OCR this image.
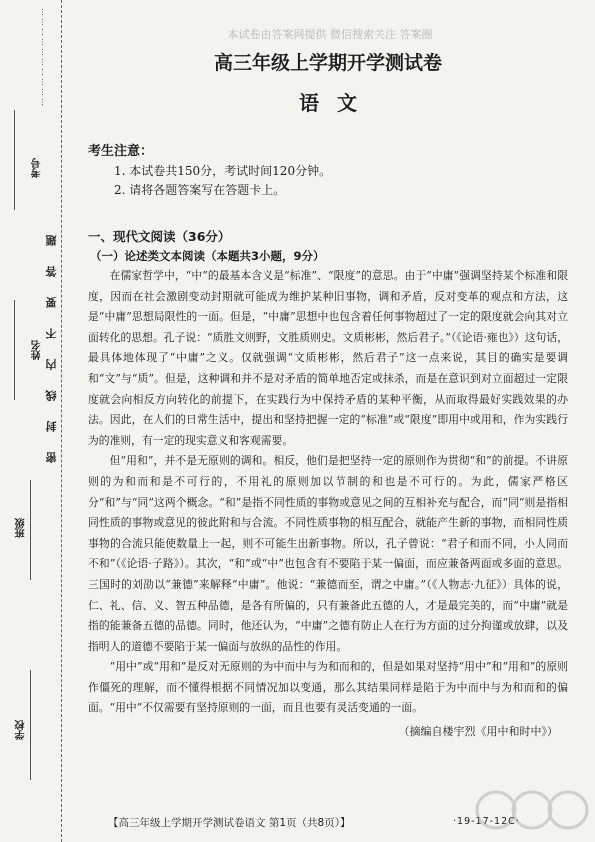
…………………………
考号
姓名
班级
学校
密封线内不要答题
本试卷由答案网提供 微信搜索关注 答案圈
高三年级上学期开学测试卷
语文
考生注意：
1. 本试卷共150分，考试时间120分钟。
2. 请将各题答案写在答题卡上。
一、现代文阅读（36分）
（一）论述类文本阅读（本题共3小题，9分）

在儒家哲学中，“中”的最基本含义是“标准”、“限度”的意思。由于“中庸”强调坚持某个标准和限度，因而在社会激剧变动封期就可能成为维护某种旧事物，调和矛盾，反对变革的观点和方法，这是“中庸”思想局限性的一面。但是，“中庸”思想中也包含着任何事物超过了一定的限度就会向其对立面转化的思想。孔子说：“质胜文则野，文胜质则史。文质彬彬，然后君子。”（《论语·雍也》）这句话，最具体地体现了“中庸”之义。仅就强调“文质彬彬，然后君子”这一点来说，其目的确实是要调和“文”与“质”。但是，这种调和并不是对矛盾的简单地否定或抹杀，而是在意识到对立面超过一定限度就会向相反方向转化的前提下，在实践行为中保持矛盾的某种平衡，从而取得最好实践效果的办法。因此，在人们的日常生活中，提出和坚持把握一定的“标准”或“限度”即用中或用和，作为实践行为的准则，有一定的现实意义和客观需要。

但“用和”，并不是无原则的调和。相反，他们是把坚持一定的原则作为贯彻“和”的前提。不讲原则的为和而和是不可行的，不用礼的原则加以节制的和也是不可行的。为此，儒家严格区分“和”与“同”这两个概念。“和”是指不同性质的事物或意见之间的互相补充与配合，而“同”则是指相同性质的事物或意见的彼此附和与合流。不同性质事物的相互配合，就能产生新的事物，而相同性质事物的合流只能使数量上一起，则不可能生出新事物。所以，孔子曾说：“君子和而不同，小人同而不和”（《论语·子路》）。其次，“和”或“中”也包含有不要陷于某一偏面，而应兼备两面或多面的意思。三国时的刘劭以“兼德”来解释“中庸”。他说：“兼德而至，谓之中庸。”（《人物志·九征》）具体的说，仁、礼、信、义、智五种品德，是各有所偏的，只有兼备此五德的人，才是最完美的，而“中庸”就是指的能兼备五德的品德。同时，他还认为，“中庸”之德有防止人在行为方面的过分拘谨或放肆，以及指明人的道德不要陷于某一偏面与放纵的品性的作用。

“用中”或“用和”是反对无原则的为中而中与为和而和的，但是如果对坚持“用中”和“用和”的原则作僵死的理解，而不懂得根据不同情况加以变通，那么其结果同样是陷于为中而中与为和而和的偏面。“用中”不仅需要有坚持原则的一面，而且也要有灵活变通的一面。

（摘编自楼宇烈《用中和时中》）
【高三年级上学期开学测试卷语文 第1页（共8页）】	·19-17-12C·
